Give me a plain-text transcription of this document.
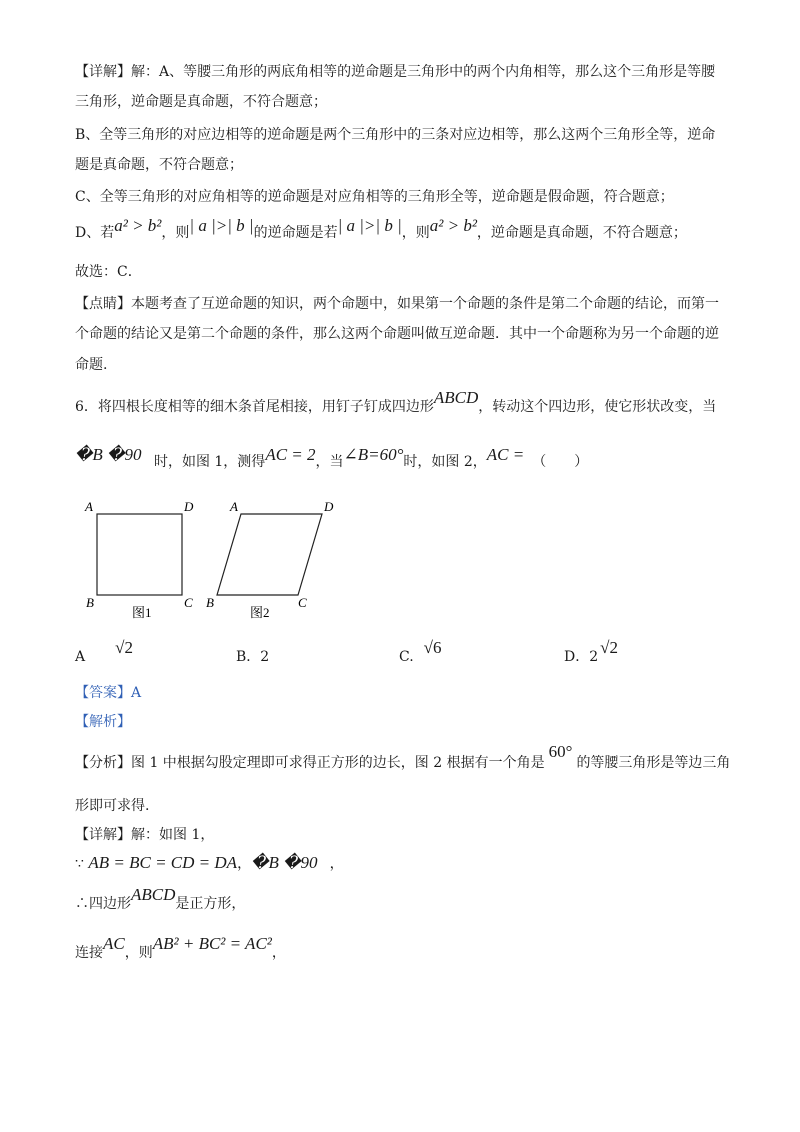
【详解】解：A、等腰三角形的两底角相等的逆命题是三角形中的两个内角相等，那么这个三角形是等腰
三角形，逆命题是真命题，不符合题意；
B、全等三角形的对应边相等的逆命题是两个三角形中的三条对应边相等，那么这两个三角形全等，逆命
题是真命题，不符合题意；
C、全等三角形的对应角相等的逆命题是对应角相等的三角形全等，逆命题是假命题，符合题意；
D、若a² > b²，则| a |>| b |的逆命题是若| a |>| b |，则a² > b²，逆命题是真命题，不符合题意；
故选：C．
【点睛】本题考查了互逆命题的知识，两个命题中，如果第一个命题的条件是第二个命题的结论，而第一
个命题的结论又是第二个命题的条件，那么这两个命题叫做互逆命题．其中一个命题称为另一个命题的逆
命题.
6．将四根长度相等的细木条首尾相接，用钉子钉成四边形ABCD，转动这个四边形，使它形状改变，当
�B �90 时，如图 1，测得AC = 2，当∠B=60°时，如图 2，AC = （　　）
A	D
B	C
图1
A	D
B	C
图2
A √2	B．2	C. √6	D．2 √2
【答案】A
【解析】
【分析】图 1 中根据勾股定理即可求得正方形的边长，图 2 根据有一个角是60°的等腰三角形是等边三角
形即可求得.
【详解】解：如图 1，
∵ AB = BC = CD = DA，�B �90 ，
∴四边形ABCD是正方形，
连接AC，则AB² + BC² = AC²，
